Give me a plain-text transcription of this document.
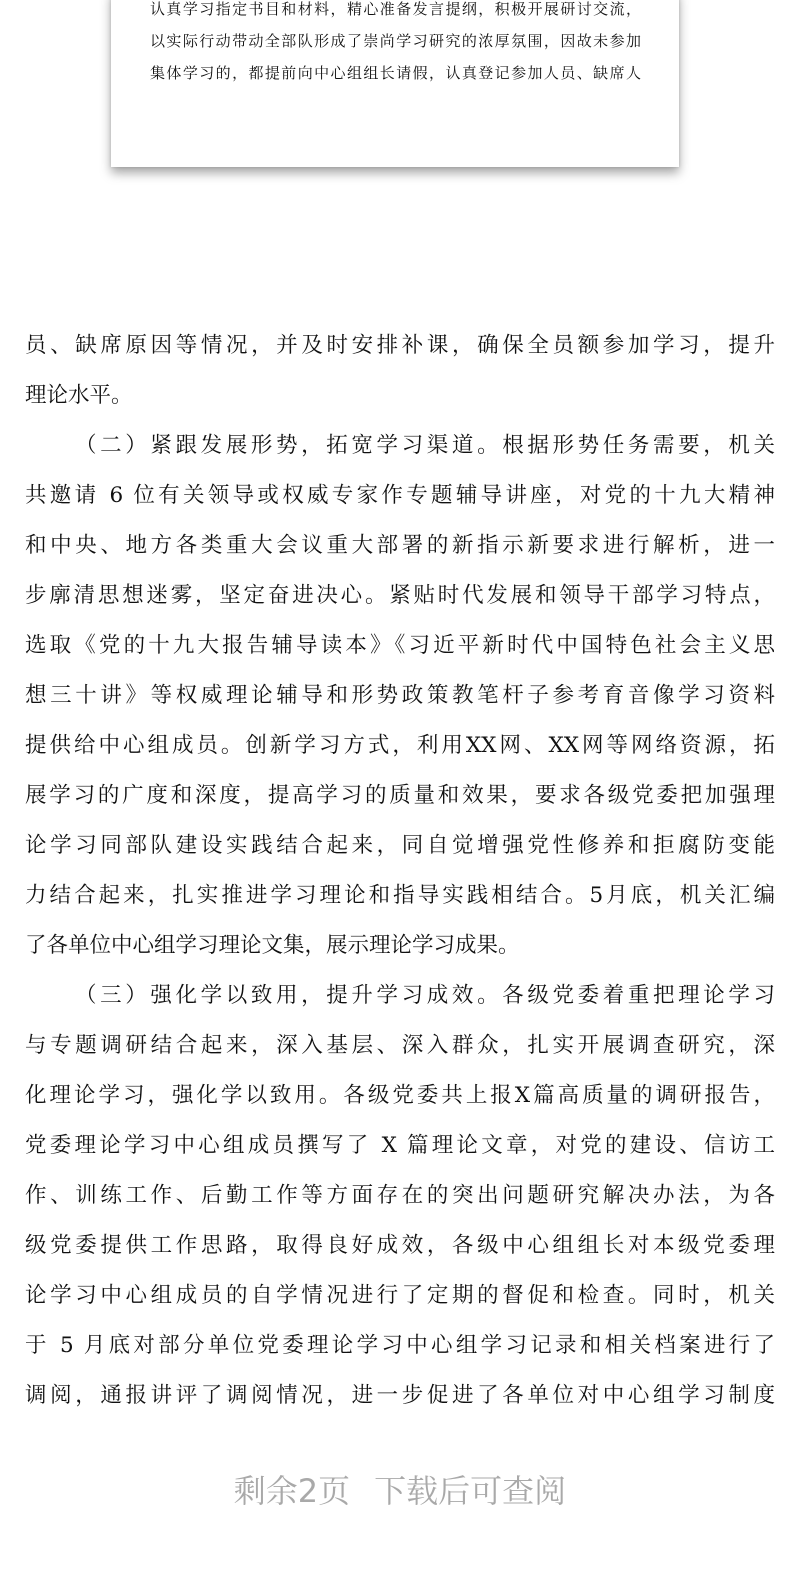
认真学习指定书目和材料，精心准备发言提纲，积极开展研讨交流，
以实际行动带动全部队形成了崇尚学习研究的浓厚氛围，因故未参加
集体学习的，都提前向中心组组长请假，认真登记参加人员、缺席人
员、缺席原因等情况，并及时安排补课，确保全员额参加学习，提升
理论水平。
（二）紧跟发展形势，拓宽学习渠道。根据形势任务需要，机关
共邀请 6 位有关领导或权威专家作专题辅导讲座，对党的十九大精神
和中央、地方各类重大会议重大部署的新指示新要求进行解析，进一
步廓清思想迷雾，坚定奋进决心。紧贴时代发展和领导干部学习特点，
选取《党的十九大报告辅导读本》《习近平新时代中国特色社会主义思
想三十讲》等权威理论辅导和形势政策教笔杆子参考育音像学习资料
提供给中心组成员。创新学习方式，利用XX网、XX网等网络资源，拓
展学习的广度和深度，提高学习的质量和效果，要求各级党委把加强理
论学习同部队建设实践结合起来，同自觉增强党性修养和拒腐防变能
力结合起来，扎实推进学习理论和指导实践相结合。5月底，机关汇编
了各单位中心组学习理论文集，展示理论学习成果。
（三）强化学以致用，提升学习成效。各级党委着重把理论学习
与专题调研结合起来，深入基层、深入群众，扎实开展调查研究，深
化理论学习，强化学以致用。各级党委共上报X篇高质量的调研报告，
党委理论学习中心组成员撰写了 X 篇理论文章，对党的建设、信访工
作、训练工作、后勤工作等方面存在的突出问题研究解决办法，为各
级党委提供工作思路，取得良好成效，各级中心组组长对本级党委理
论学习中心组成员的自学情况进行了定期的督促和检查。同时，机关
于 5 月底对部分单位党委理论学习中心组学习记录和相关档案进行了
调阅，通报讲评了调阅情况，进一步促进了各单位对中心组学习制度
剩余2页 下载后可查阅
